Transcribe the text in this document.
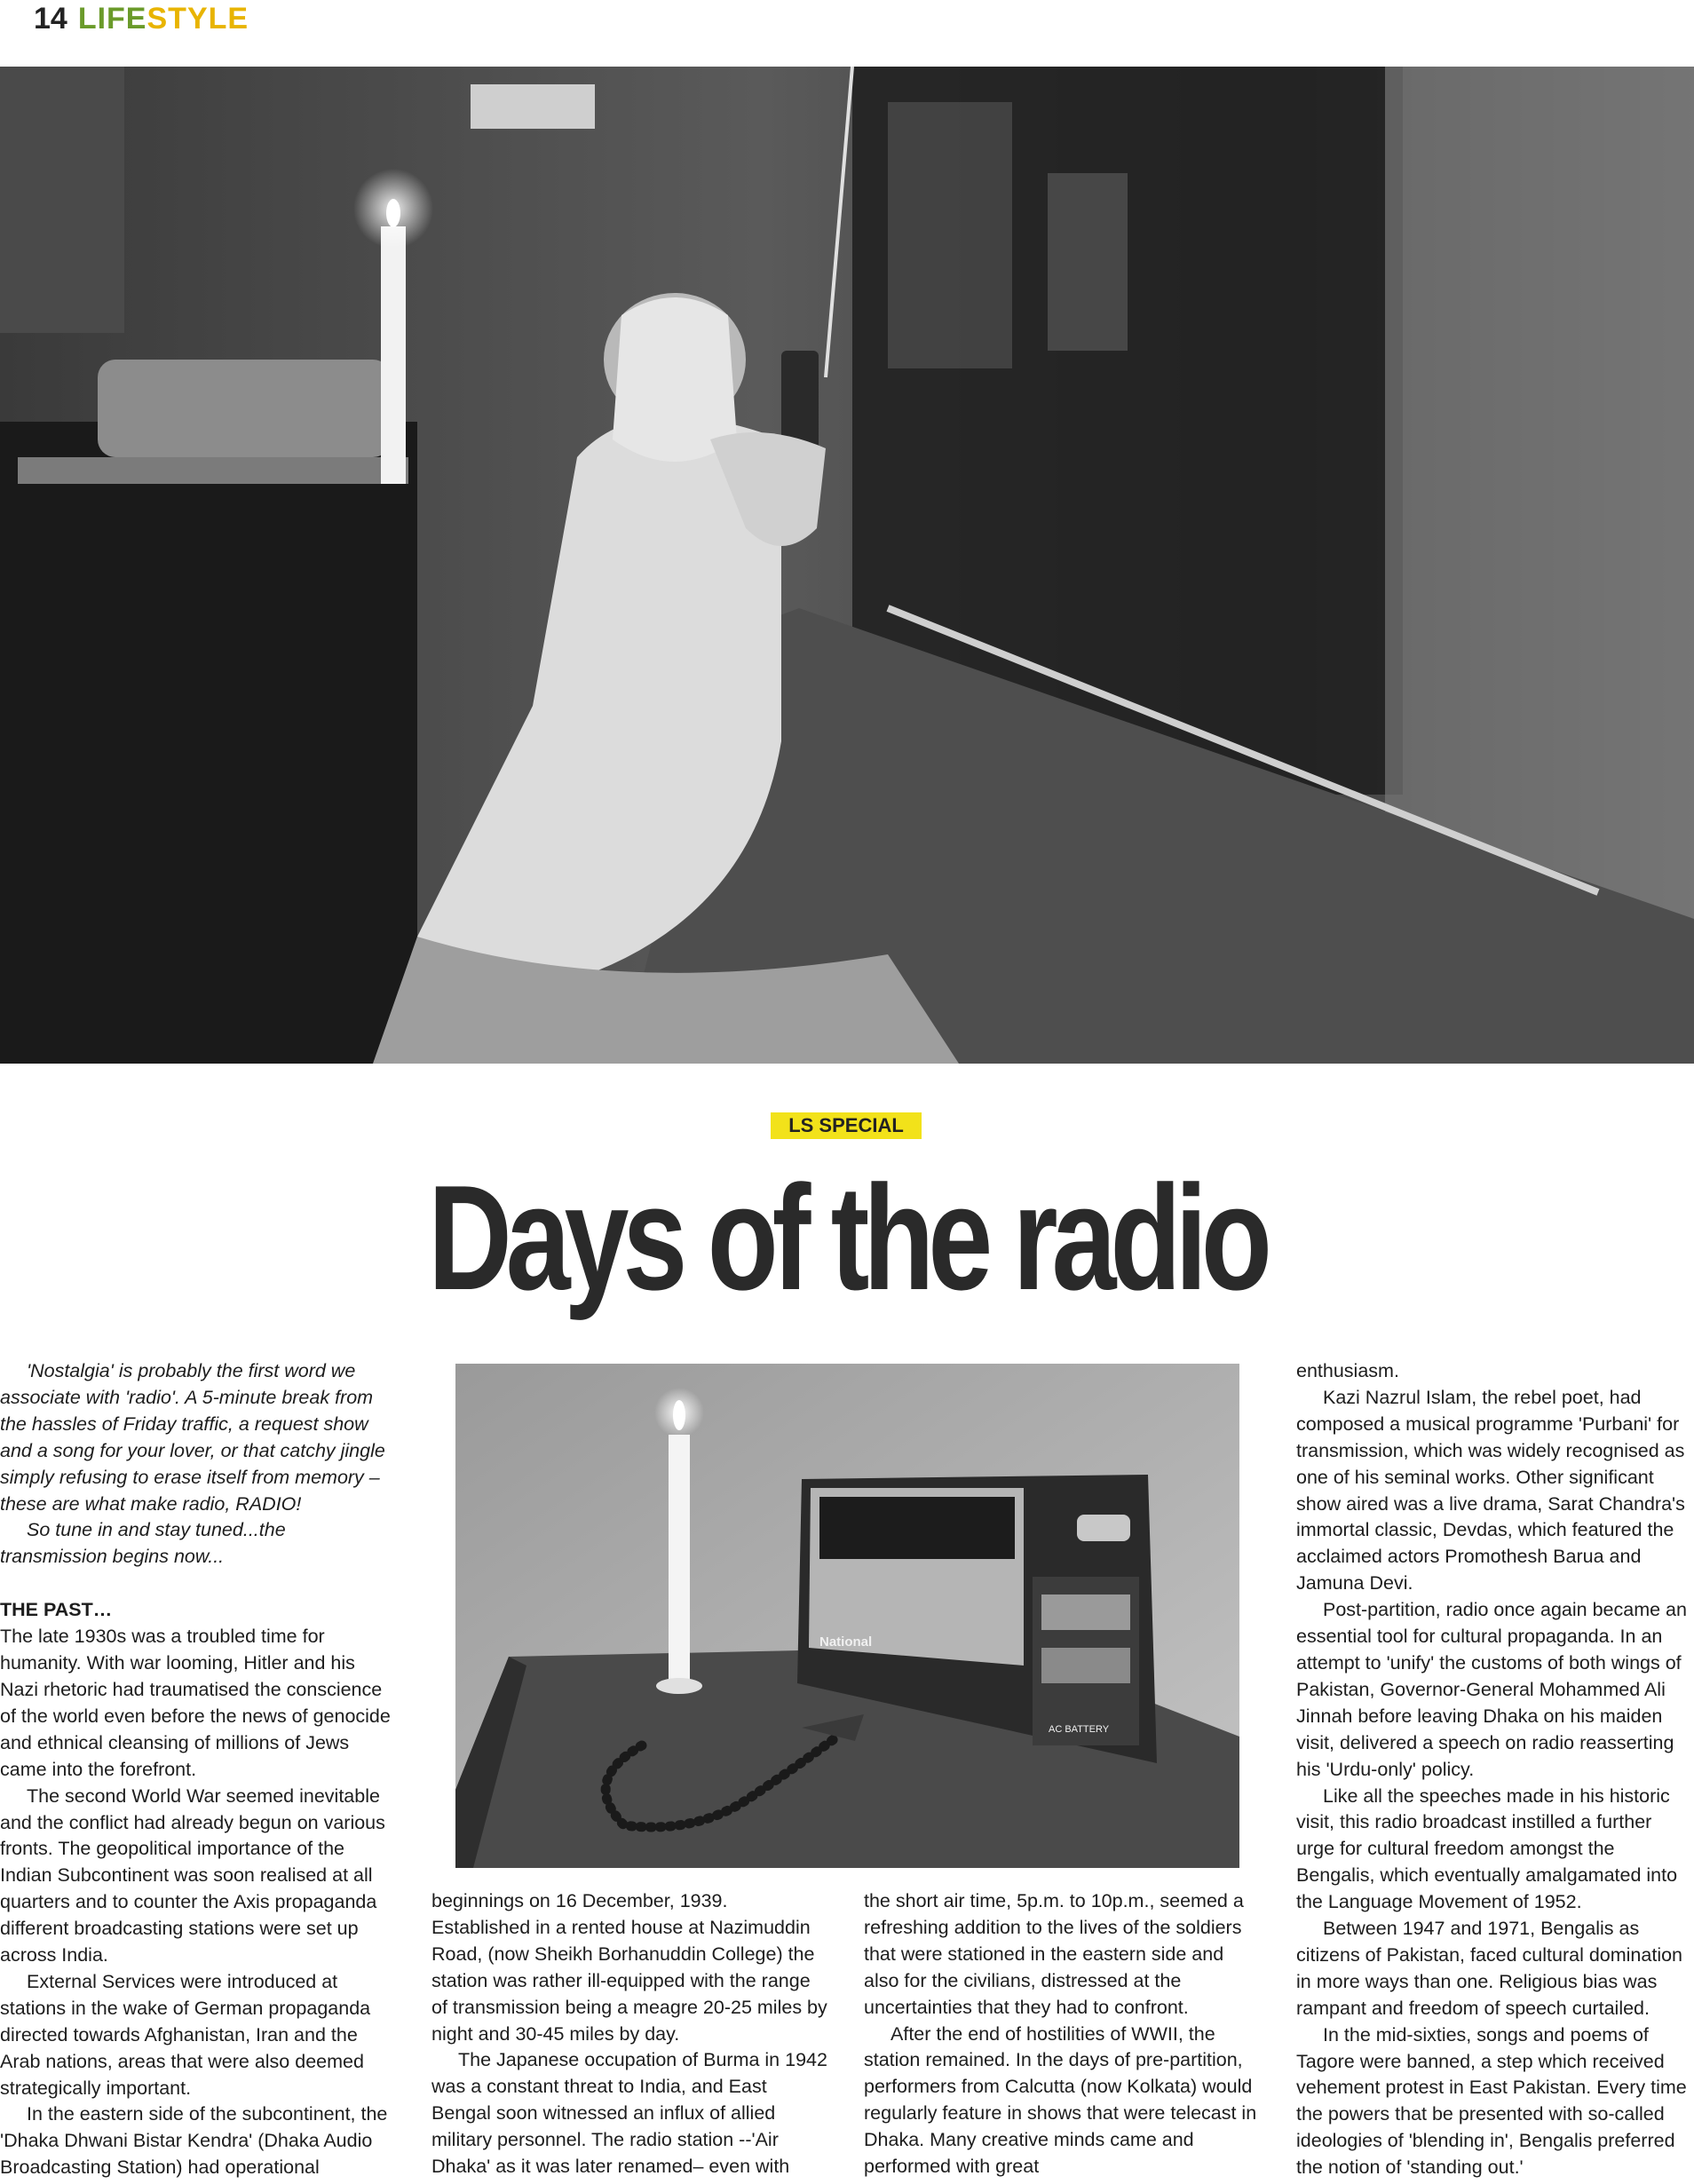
14 LIFESTYLE
LS SPECIAL
Days of the radio

'Nostalgia' is probably the first word we associate with 'radio'. A 5-minute break from the hassles of Friday traffic, a request show and a song for your lover, or that catchy jingle simply refusing to erase itself from memory – these are what make radio, RADIO!

So tune in and stay tuned...the transmission begins now...

THE PAST…

The late 1930s was a troubled time for humanity. With war looming, Hitler and his Nazi rhetoric had traumatised the conscience of the world even before the news of genocide and ethnical cleansing of millions of Jews came into the forefront.

The second World War seemed inevitable and the conflict had already begun on various fronts. The geopolitical importance of the Indian Subcontinent was soon realised at all quarters and to counter the Axis propaganda different broadcasting stations were set up across India.

External Services were introduced at stations in the wake of German propaganda directed towards Afghanistan, Iran and the Arab nations, areas that were also deemed strategically important.

In the eastern side of the subcontinent, the 'Dhaka Dhwani Bistar Kendra' (Dhaka Audio Broadcasting Station) had operational

National
AC BATTERY

beginnings on 16 December, 1939. Established in a rented house at Nazimuddin Road, (now Sheikh Borhanuddin College) the station was rather ill-equipped with the range of transmission being a meagre 20-25 miles by night and 30-45 miles by day.

The Japanese occupation of Burma in 1942 was a constant threat to India, and East Bengal soon witnessed an influx of allied military personnel. The radio station --'Air Dhaka' as it was later renamed– even with

the short air time, 5p.m. to 10p.m., seemed a refreshing addition to the lives of the soldiers that were stationed in the eastern side and also for the civilians, distressed at the uncertainties that they had to confront.

After the end of hostilities of WWII, the station remained. In the days of pre-partition, performers from Calcutta (now Kolkata) would regularly feature in shows that were telecast in Dhaka. Many creative minds came and performed with great

enthusiasm.

Kazi Nazrul Islam, the rebel poet, had composed a musical programme 'Purbani' for transmission, which was widely recognised as one of his seminal works. Other significant show aired was a live drama, Sarat Chandra's immortal classic, Devdas, which featured the acclaimed actors Promothesh Barua and Jamuna Devi.

Post-partition, radio once again became an essential tool for cultural propaganda. In an attempt to 'unify' the customs of both wings of Pakistan, Governor-General Mohammed Ali Jinnah before leaving Dhaka on his maiden visit, delivered a speech on radio reasserting his 'Urdu-only' policy.

Like all the speeches made in his historic visit, this radio broadcast instilled a further urge for cultural freedom amongst the Bengalis, which eventually amalgamated into the Language Movement of 1952.

Between 1947 and 1971, Bengalis as citizens of Pakistan, faced cultural domination in more ways than one. Religious bias was rampant and freedom of speech curtailed.

In the mid-sixties, songs and poems of Tagore were banned, a step which received vehement protest in East Pakistan. Every time the powers that be presented with so-called ideologies of 'blending in', Bengalis preferred the notion of 'standing out.'
